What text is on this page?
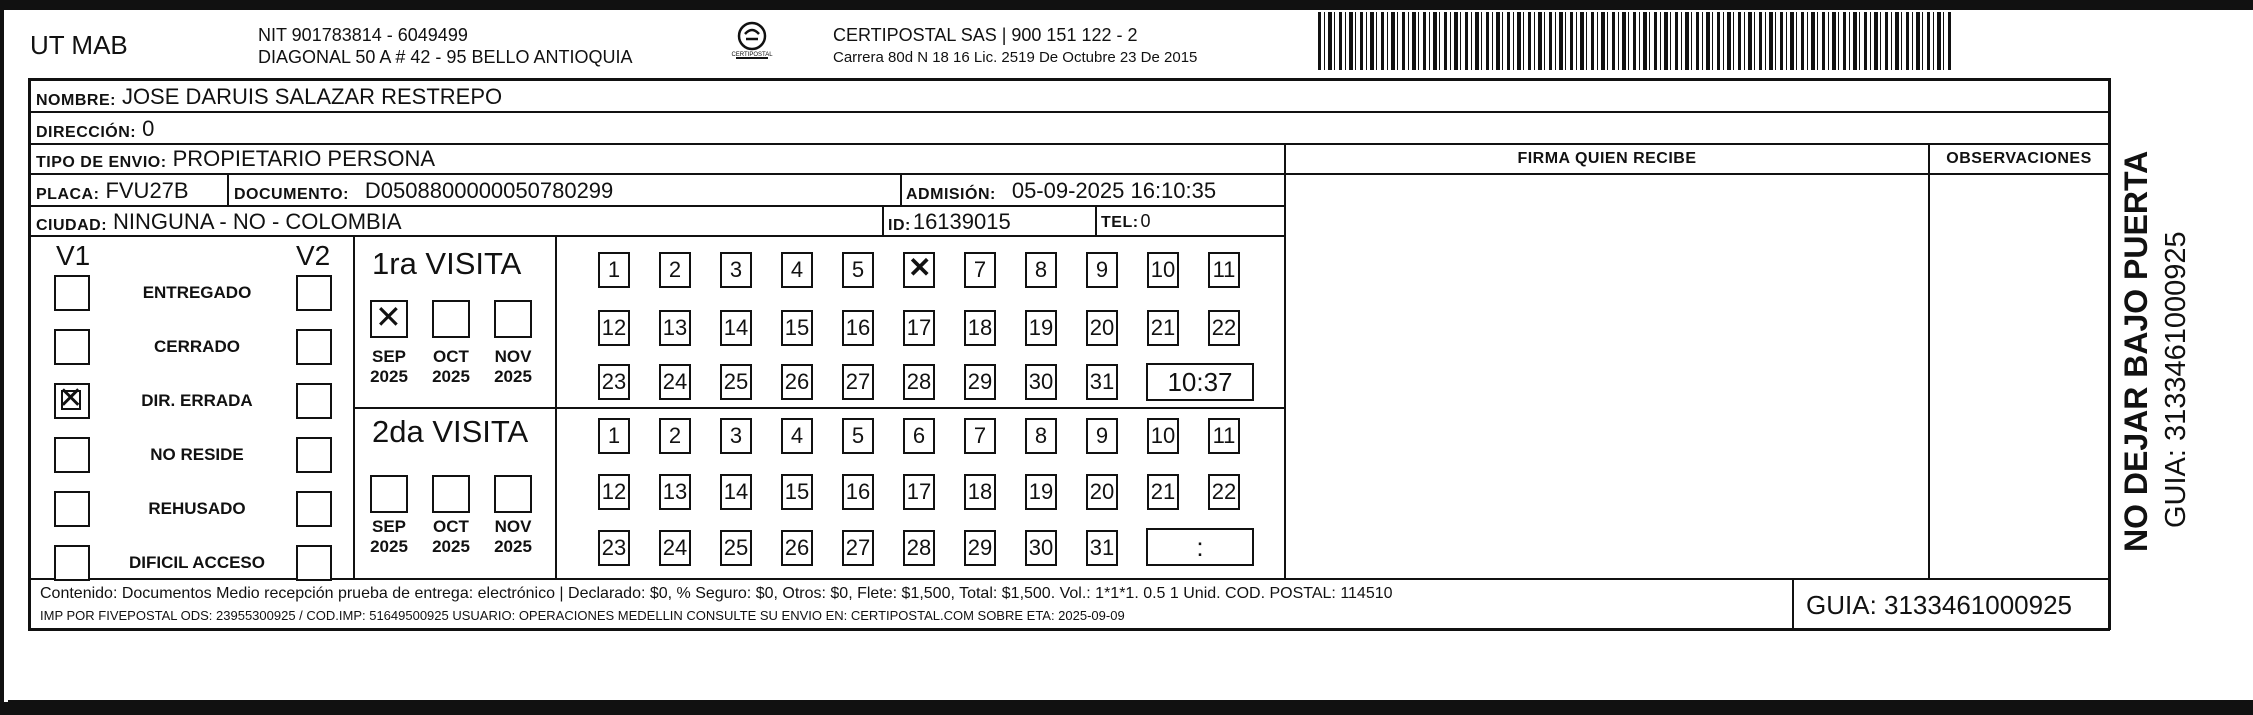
UT MAB	NIT 901783814 - 6049499
DIAGONAL 50 A # 42 - 95 BELLO ANTIOQUIA	CERTIPOSTAL
CERTIPOSTAL SAS | 900 151 122 - 2
Carrera 80d N 18 16 Lic. 2519 De Octubre 23 De 2015
NOMBRE: JOSE DARUIS SALAZAR RESTREPO
DIRECCIÓN: 0
TIPO DE ENVIO: PROPIETARIO PERSONA
PLACA: FVU27B	DOCUMENTO: D0508800000050780299	ADMISIÓN: 05-09-2025 16:10:35
CIUDAD: NINGUNA - NO - COLOMBIA	ID: 16139015	TEL: 0
FIRMA QUIEN RECIBE	OBSERVACIONES
V1	V2
ENTREGADO
CERRADO
✕
DIR. ERRADA
NO RESIDE
REHUSADO
DIFICIL ACCESO
1ra VISITA
✕
SEP
2025
OCT
2025
NOV
2025
1	2	3	4	5
✕	7	8	9	10 11
12 13 14 15 16 17 18 19 20 21 22
23 24 25 26 27 28 29 30 31	10:37
2da VISITA
SEP
2025
OCT
2025
NOV
2025
1	2	3	4	5	6	7	8	9	10 11
12 13 14 15 16 17 18 19 20 21 22
23 24 25 26 27 28 29 30 31	:
Contenido: Documentos Medio recepción prueba de entrega: electrónico | Declarado: $0, % Seguro: $0, Otros: $0, Flete: $1,500, Total: $1,500. Vol.: 1*1*1. 0.5 1 Unid. COD. POSTAL: 114510
IMP POR FIVEPOSTAL ODS: 23955300925 / COD.IMP: 51649500925 USUARIO: OPERACIONES MEDELLIN CONSULTE SU ENVIO EN: CERTIPOSTAL.COM SOBRE ETA: 2025-09-09	GUIA: 3133461000925
NO DEJAR BAJO PUERTA GUIA: 3133461000925
